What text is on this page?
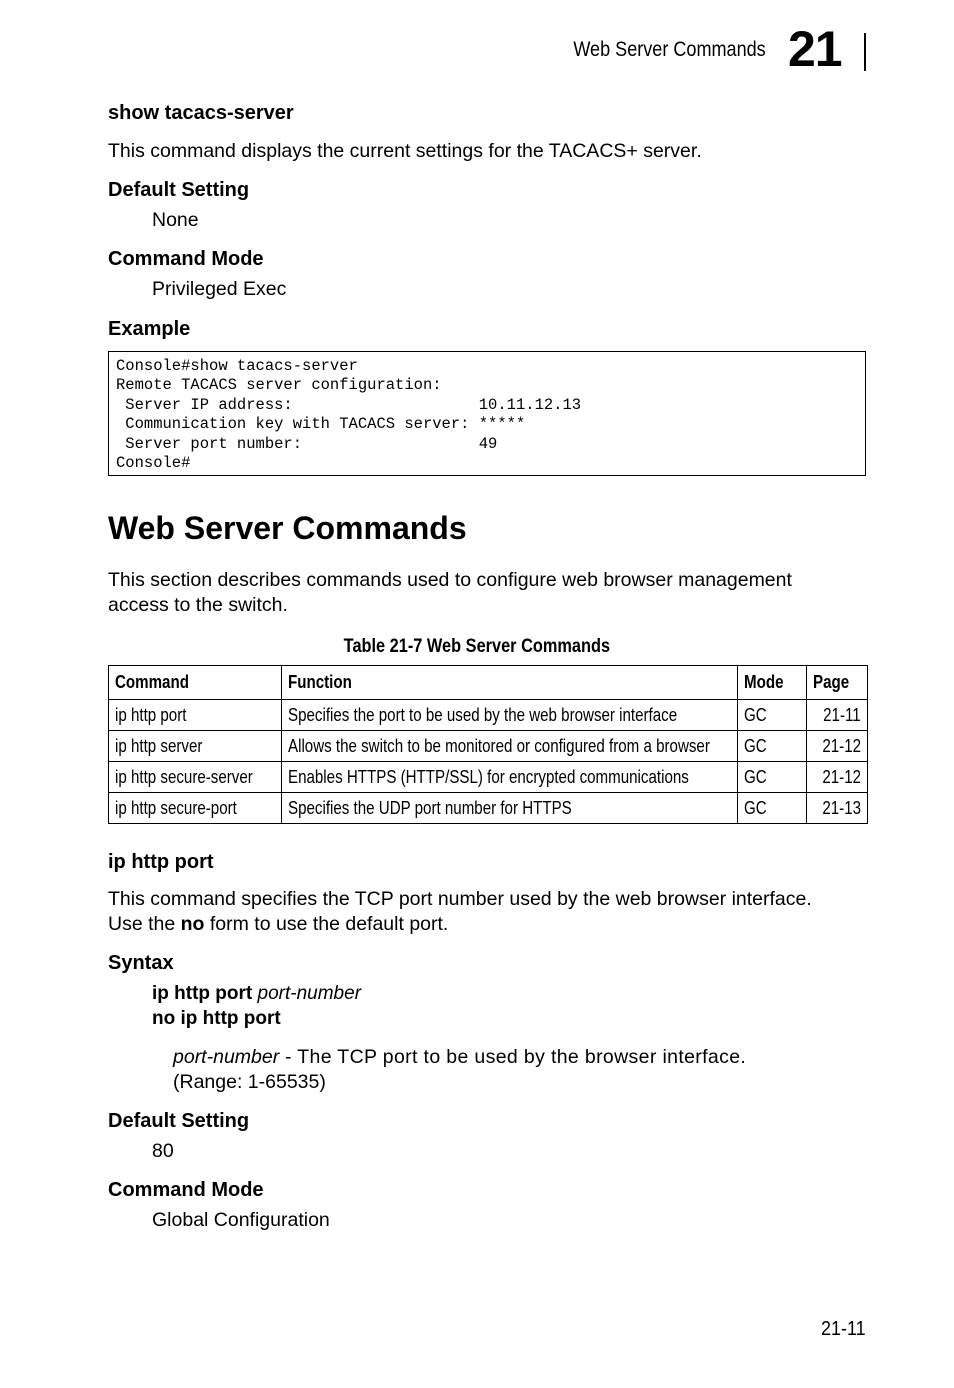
Web Server Commands 21
show tacacs-server
This command displays the current settings for the TACACS+ server.
Default Setting
None
Command Mode
Privileged Exec
Example
Console#show tacacs-server
Remote TACACS server configuration:
Server IP address:                    10.11.12.13
Communication key with TACACS server: *****
Server port number:                   49
Console#
Web Server Commands
This section describes commands used to configure web browser management
access to the switch.
Table 21-7 Web Server Commands
Command	Function	Mode	Page
ip http port	Specifies the port to be used by the web browser interface	GC	21-11
ip http server	Allows the switch to be monitored or configured from a browser	GC	21-12
ip http secure-server	Enables HTTPS (HTTP/SSL) for encrypted communications	GC	21-12
ip http secure-port	Specifies the UDP port number for HTTPS	GC	21-13
ip http port
This command specifies the TCP port number used by the web browser interface.
Use the no form to use the default port.
Syntax
ip http port port-number
no ip http port
port-number - The TCP port to be used by the browser interface.
(Range: 1-65535)
Default Setting
80
Command Mode
Global Configuration
21-11
